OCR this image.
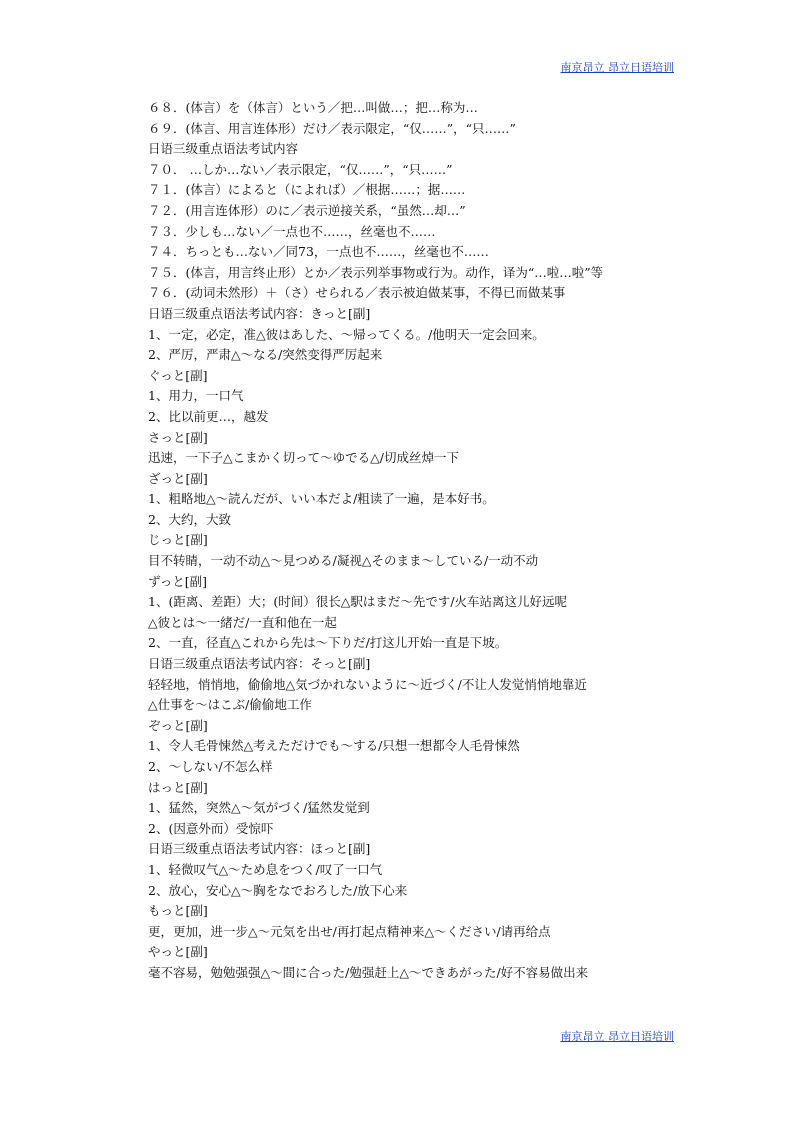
南京昂立 昂立日语培训
６８．(体言）を（体言）という／把…叫做…；把…称为…
６９．(体言、用言连体形）だけ／表示限定，“仅……”，“只……”
日语三级重点语法考试内容
７０． …しか…ない／表示限定，“仅……”，“只……”
７１．(体言）によると（によれば）／根据……；据……
７２．(用言连体形）のに／表示逆接关系，“虽然…却…”
７３．少しも…ない／一点也不……，丝毫也不……
７４．ちっとも…ない／同73，一点也不……，丝毫也不……
７５．(体言，用言终止形）とか／表示列举事物或行为。动作，译为“…啦…啦”等
７６．(动词未然形）＋（さ）せられる／表示被迫做某事，不得已而做某事
日语三级重点语法考试内容：きっと[副]
1、一定，必定，准△彼はあした、～帰ってくる。/他明天一定会回来。
2、严厉，严肃△～なる/突然变得严厉起来
ぐっと[副]
1、用力，一口气
2、比以前更…，越发
さっと[副]
迅速，一下子△こまかく切って～ゆでる△/切成丝焯一下
ざっと[副]
1、粗略地△～読んだが、いい本だよ/粗读了一遍，是本好书。
2、大约，大致
じっと[副]
目不转睛，一动不动△～見つめる/凝视△そのまま～している/一动不动
ずっと[副]
1、(距离、差距）大；(时间）很长△駅はまだ～先です/火车站离这儿好远呢
△彼とは～一緒だ/一直和他在一起
2、一直，径直△これから先は～下りだ/打这儿开始一直是下坡。
日语三级重点语法考试内容：そっと[副]
轻轻地，悄悄地，偷偷地△気づかれないように～近づく/不让人发觉悄悄地靠近
△仕事を～はこぶ/偷偷地工作
ぞっと[副]
1、令人毛骨悚然△考えただけでも～する/只想一想都令人毛骨悚然
2、～しない/不怎么样
はっと[副]
1、猛然，突然△～気がづく/猛然发觉到
2、(因意外而）受惊吓
日语三级重点语法考试内容：ほっと[副]
1、轻微叹气△～ため息をつく/叹了一口气
2、放心，安心△～胸をなでおろした/放下心来
もっと[副]
更，更加，进一步△～元気を出せ/再打起点精神来△～ください/请再给点
やっと[副]
毫不容易，勉勉强强△～間に合った/勉强赶上△～できあがった/好不容易做出来
南京昂立 昂立日语培训
